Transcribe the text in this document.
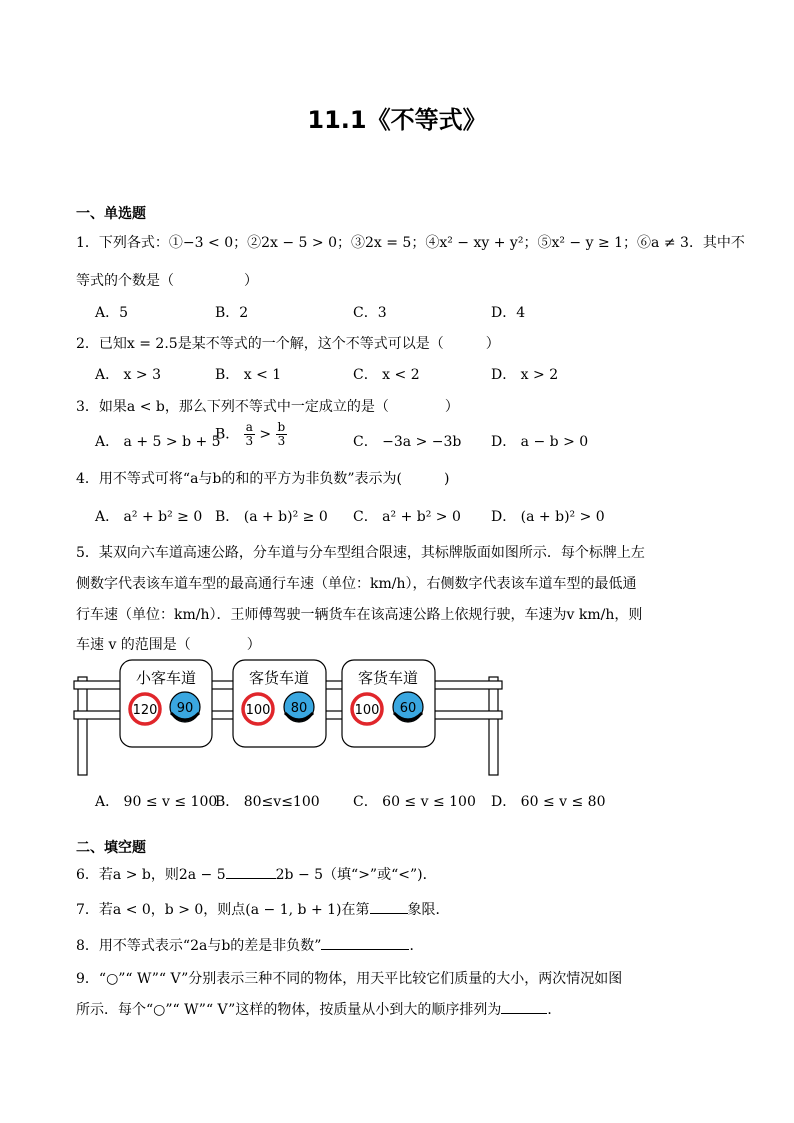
11.1《不等式》
一、单选题
1．下列各式：①−3 < 0；②2x − 5 > 0；③2x = 5；④x² − xy + y²；⑤x² − y ≥ 1；⑥a ≠ 3．其中不
等式的个数是（　　　　　）
A．5	B．2	C．3	D．4
2．已知x = 2.5是某不等式的一个解，这个不等式可以是（　　　）
A． x > 3	B． x < 1	C． x < 2	D． x > 2
3．如果a < b，那么下列不等式中一定成立的是（　　　　）
A． a + 5 > b + 5
B． $\frac{a}{3} > \frac{b}{3}$	C． −3a > −3b D． a − b > 0
4．用不等式可将“a与b的和的平方为非负数”表示为(　　　)
A． a² + b² ≥ 0 B． (a + b)² ≥ 0 C． a² + b² > 0 D． (a + b)² > 0
5．某双向六车道高速公路，分车道与分车型组合限速，其标牌版面如图所示．每个标牌上左
侧数字代表该车道车型的最高通行车速（单位：km/h），右侧数字代表该车道车型的最低通
行车速（单位：km/h）．王师傅驾驶一辆货车在该高速公路上依规行驶，车速为v km/h，则
车速 v 的范围是（　　　　）
小客车道
120 90
客货车道
100 80
客货车道
100 60
A． 90 ≤ v ≤ 100
B． 80≤v≤100 C． 60 ≤ v ≤ 100 D． 60 ≤ v ≤ 80
二、填空题
6．若a > b，则2a − 5	2b − 5（填“>”或“<”)．
7．若a < 0，b > 0，则点(a − 1, b + 1)在第	象限．
8．用不等式表示“2a与b的差是非负数”	．
9．“○”“ W”“ V”分别表示三种不同的物体，用天平比较它们质量的大小，两次情况如图
所示．每个“○”“ W”“ V”这样的物体，按质量从小到大的顺序排列为	．
